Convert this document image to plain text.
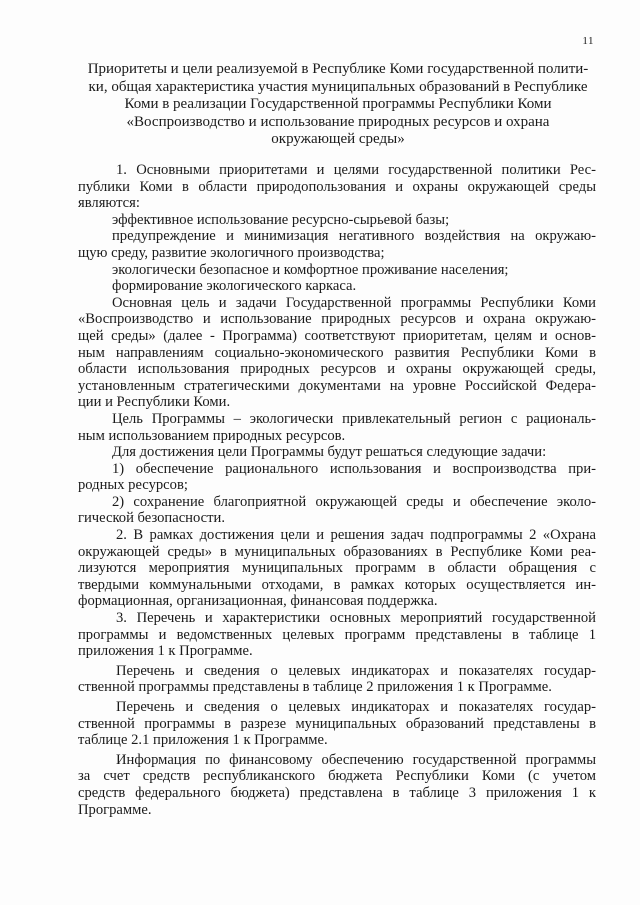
11
Приоритеты и цели реализуемой в Республике Коми государственной полити-
ки, общая характеристика участия муниципальных образований в Республике
Коми в реализации Государственной программы Республики Коми
«Воспроизводство и использование природных ресурсов и охрана
окружающей среды»
1. Основными приоритетами и целями государственной политики Рес-
публики Коми в области природопользования и охраны окружающей среды
являются:
эффективное использование ресурсно-сырьевой базы;
предупреждение и минимизация негативного воздействия на окружаю-
щую среду, развитие экологичного производства;
экологически безопасное и комфортное проживание населения;
формирование экологического каркаса.
Основная цель и задачи Государственной программы Республики Коми
«Воспроизводство и использование природных ресурсов и охрана окружаю-
щей среды» (далее - Программа) соответствуют приоритетам, целям и основ-
ным направлениям социально-экономического развития Республики Коми в
области использования природных ресурсов и охраны окружающей среды,
установленным стратегическими документами на уровне Российской Федера-
ции и Республики Коми.
Цель Программы – экологически привлекательный регион с рациональ-
ным использованием природных ресурсов.
Для достижения цели Программы будут решаться следующие задачи:
1) обеспечение рационального использования и воспроизводства при-
родных ресурсов;
2) сохранение благоприятной окружающей среды и обеспечение эколо-
гической безопасности.
2. В рамках достижения цели и решения задач подпрограммы 2 «Охрана
окружающей среды» в муниципальных образованиях в Республике Коми реа-
лизуются мероприятия муниципальных программ в области обращения с
твердыми коммунальными отходами, в рамках которых осуществляется ин-
формационная, организационная, финансовая поддержка.
3. Перечень и характеристики основных мероприятий государственной
программы и ведомственных целевых программ представлены в таблице 1
приложения 1 к Программе.
Перечень и сведения о целевых индикаторах и показателях государ-
ственной программы представлены в таблице 2 приложения 1 к Программе.
Перечень и сведения о целевых индикаторах и показателях государ-
ственной программы в разрезе муниципальных образований представлены в
таблице 2.1 приложения 1 к Программе.
Информация по финансовому обеспечению государственной программы
за счет средств республиканского бюджета Республики Коми (с учетом
средств федерального бюджета) представлена в таблице 3 приложения 1 к
Программе.
